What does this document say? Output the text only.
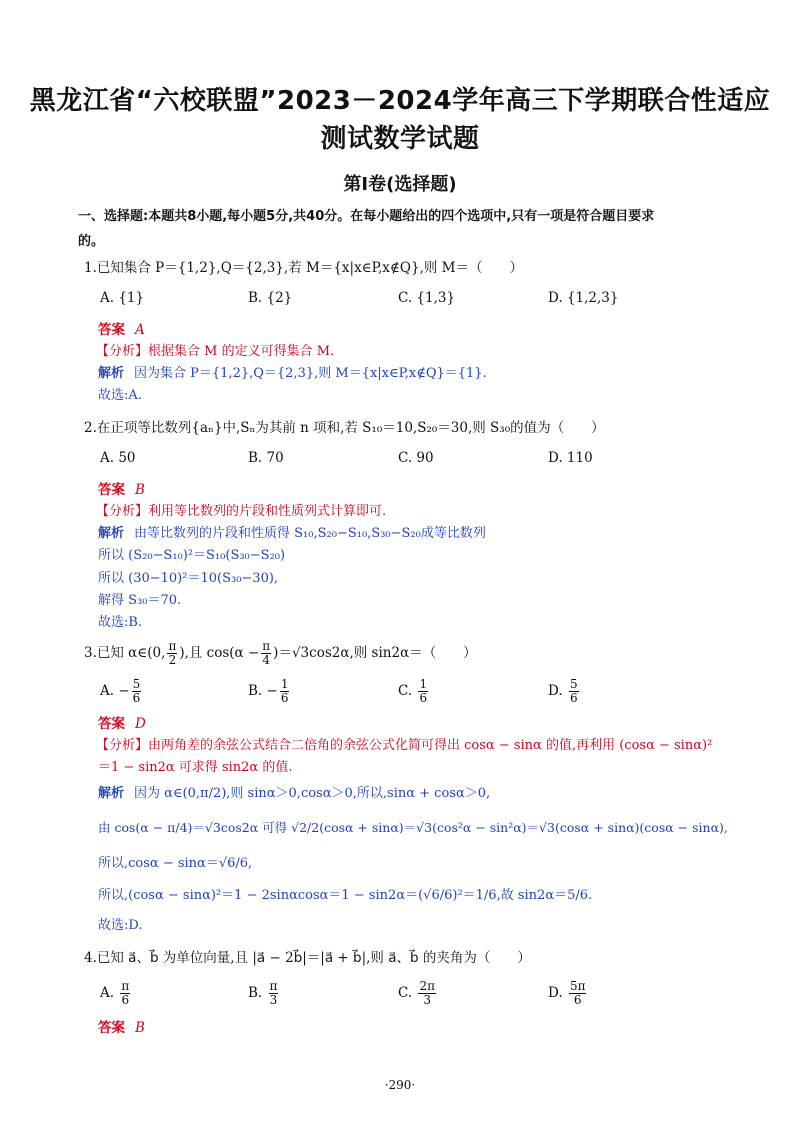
黑龙江省“六校联盟”2023－2024学年高三下学期联合性适应
测试数学试题
第Ⅰ卷(选择题)
一、选择题:本题共8小题,每小题5分,共40分。在每小题给出的四个选项中,只有一项是符合题目要求
的。
1.已知集合 P＝{1,2},Q＝{2,3},若 M＝{x|x∈P,x∉Q},则 M＝（　　）
A. {1}	B. {2}	C. {1,3}	D. {1,2,3}
答案 A
【分析】根据集合 M 的定义可得集合 M.
解析 因为集合 P＝{1,2},Q＝{2,3},则 M＝{x|x∈P,x∉Q}＝{1}.
故选:A.
2.在正项等比数列{aₙ}中,Sₙ为其前 n 项和,若 S₁₀＝10,S₂₀＝30,则 S₃₀的值为（　　）
A. 50	B. 70	C. 90	D. 110
答案 B
【分析】利用等比数列的片段和性质列式计算即可.
解析 由等比数列的片段和性质得 S₁₀,S₂₀−S₁₀,S₃₀−S₂₀成等比数列
所以 (S₂₀−S₁₀)²＝S₁₀(S₃₀−S₂₀)
所以 (30−10)²＝10(S₃₀−30),
解得 S₃₀＝70.
故选:B.
3.已知 α∈(0, $\frac{\pi}{2}$ ),且 $\cos(\alpha - \frac{\pi}{4} )=√3\cos 2\alpha$,则 sin2α＝（　　）
A. − $\frac{5}{6}$	B. − $\frac{1}{6}$	C. $\frac{1}{6}$	D. $\frac{5}{6}$
答案 D
【分析】由两角差的余弦公式结合二倍角的余弦公式化简可得出 cosα − sinα 的值,再利用 (cosα − sinα)²
＝1 − sin2α 可求得 sin2α 的值.
解析 因为 α∈(0,π/2),则 sinα＞0,cosα＞0,所以,sinα + cosα＞0,
由 cos(α − π/4)＝√3cos2α 可得 √2/2(cosα + sinα)＝√3(cos²α − sin²α)＝√3(cosα + sinα)(cosα − sinα),
所以,cosα − sinα＝√6/6,
所以,(cosα − sinα)²＝1 − 2sinαcosα＝1 − sin2α＝(√6/6)²＝1/6,故 sin2α＝5/6.
故选:D.
4.已知 a⃗、b⃗ 为单位向量,且 |a⃗ − 2b⃗|＝|a⃗ + b⃗|,则 a⃗、b⃗ 的夹角为（　　）
A. $\frac{\pi}{6}$	B. $\frac{\pi}{3}$	C. $\frac{2\pi}{3}$	D. $\frac{5\pi}{6}$
答案 B
·290·
